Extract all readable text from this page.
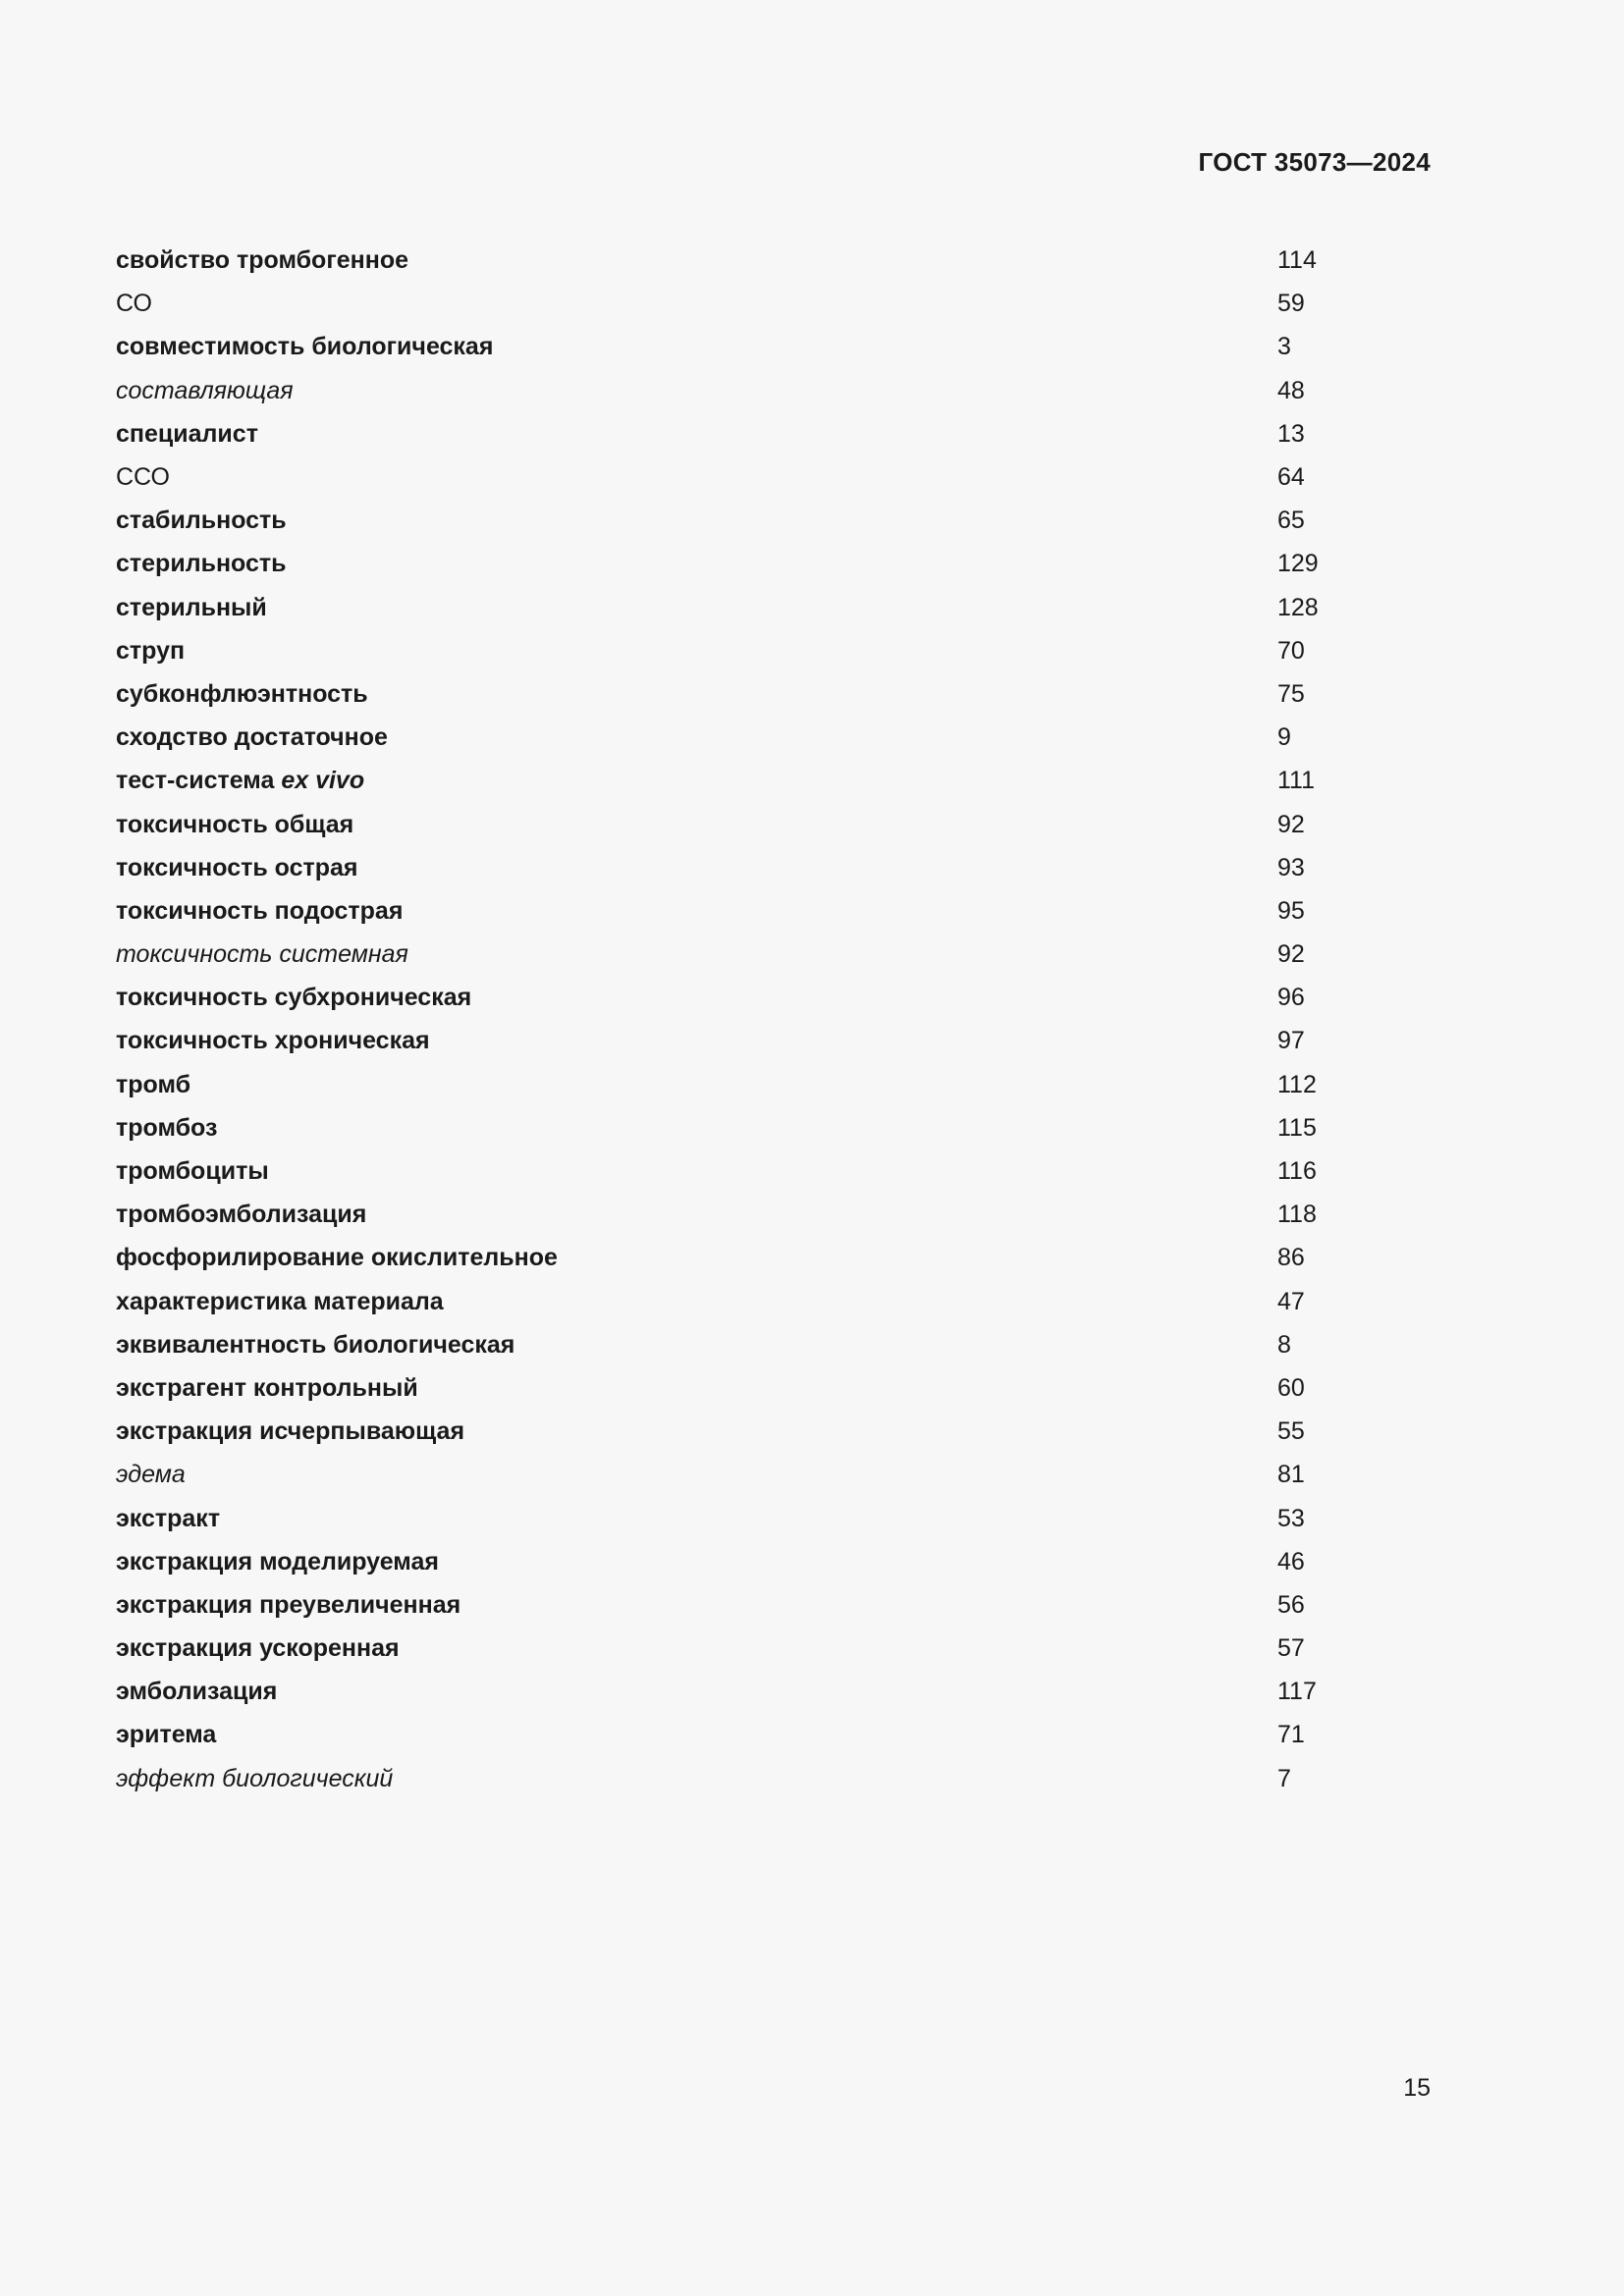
ГОСТ 35073—2024
свойство тромбогенное	114
СО	59
совместимость биологическая	3
составляющая	48
специалист	13
ССО	64
стабильность	65
стерильность	129
стерильный	128
струп	70
субконфлюэнтность	75
сходство достаточное	9
тест-система ex vivo	111
токсичность общая	92
токсичность острая	93
токсичность подострая	95
токсичность системная	92
токсичность субхроническая	96
токсичность хроническая	97
тромб	112
тромбоз	115
тромбоциты	116
тромбоэмболизация	118
фосфорилирование окислительное	86
характеристика материала	47
эквивалентность биологическая	8
экстрагент контрольный	60
экстракция исчерпывающая	55
эдема	81
экстракт	53
экстракция моделируемая	46
экстракция преувеличенная	56
экстракция ускоренная	57
эмболизация	117
эритема	71
эффект биологический	7
15
